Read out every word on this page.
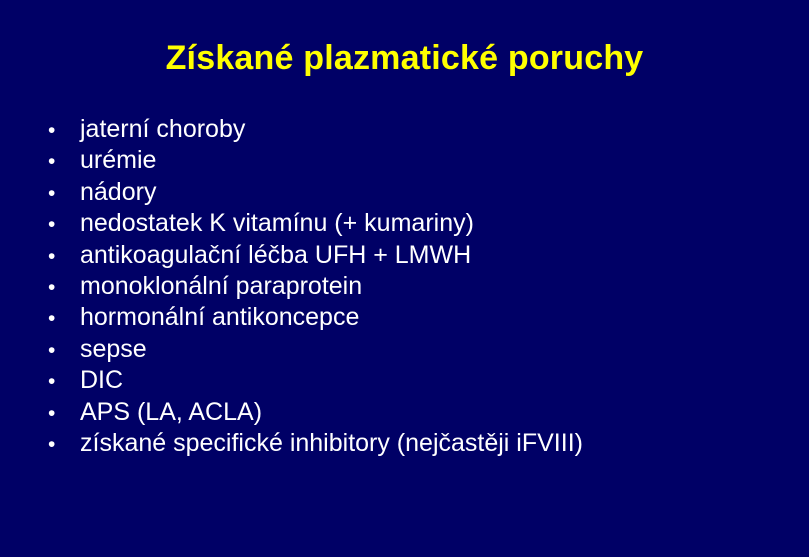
Získané plazmatické poruchy
• jaterní choroby
• urémie
• nádory
• nedostatek K vitamínu (+ kumariny)
• antikoagulační léčba UFH + LMWH
• monoklonální paraprotein
• hormonální antikoncepce
• sepse
• DIC
• APS (LA, ACLA)
• získané specifické inhibitory (nejčastěji iFVIII)
